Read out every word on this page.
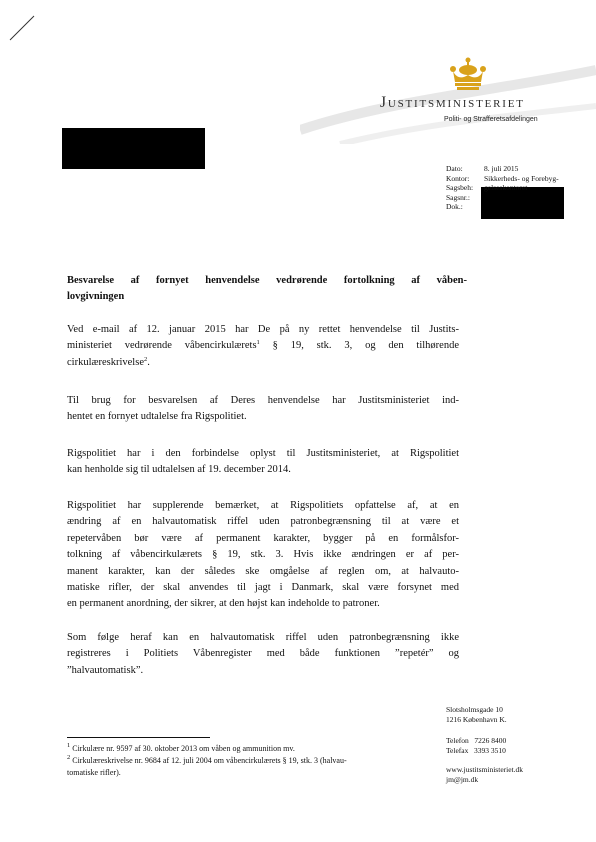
Justitsministeriet
Politi- og Strafferetsafdelingen
Dato:
Kontor:
Sagsbeh:
Sagsnr.:
Dok.:
8. juli 2015
Sikkerheds- og Forebyg-
gelseskontoret
Besvarelse af fornyet henvendelse vedrørende fortolkning af våben-
lovgivningen
Ved e-mail af 12. januar 2015 har De på ny rettet henvendelse til Justits-
ministeriet vedrørende våbencirkulærets$^1$ § 19, stk. 3, og den tilhørende
cirkulæreskrivelse$^2$.
Til brug for besvarelsen af Deres henvendelse har Justitsministeriet ind-
hentet en fornyet udtalelse fra Rigspolitiet.
Rigspolitiet har i den forbindelse oplyst til Justitsministeriet, at Rigspolitiet
kan henholde sig til udtalelsen af 19. december 2014.
Rigspolitiet har supplerende bemærket, at Rigspolitiets opfattelse af, at en
ændring af en halvautomatisk riffel uden patronbegrænsning til at være et
repetervåben bør være af permanent karakter, bygger på en formålsfor-
tolkning af våbencirkulærets § 19, stk. 3. Hvis ikke ændringen er af per-
manent karakter, kan der således ske omgåelse af reglen om, at halvauto-
matiske rifler, der skal anvendes til jagt i Danmark, skal være forsynet med
en permanent anordning, der sikrer, at den højst kan indeholde to patroner.
Som følge heraf kan en halvautomatisk riffel uden patronbegrænsning ikke
registreres i Politiets Våbenregister med både funktionen ”repetér” og
”halvautomatisk”.
$^1$ Cirkulære nr. 9597 af 30. oktober 2013 om våben og ammunition mv.
$^2$ Cirkulæreskrivelse nr. 9684 af 12. juli 2004 om våbencirkulærets § 19, stk. 3 (halvau-
tomatiske rifler).
Slotsholmsgade 10
1216 København K.
Telefon   7226 8400
Telefax   3393 3510
www.justitsministeriet.dk
jm@jm.dk
